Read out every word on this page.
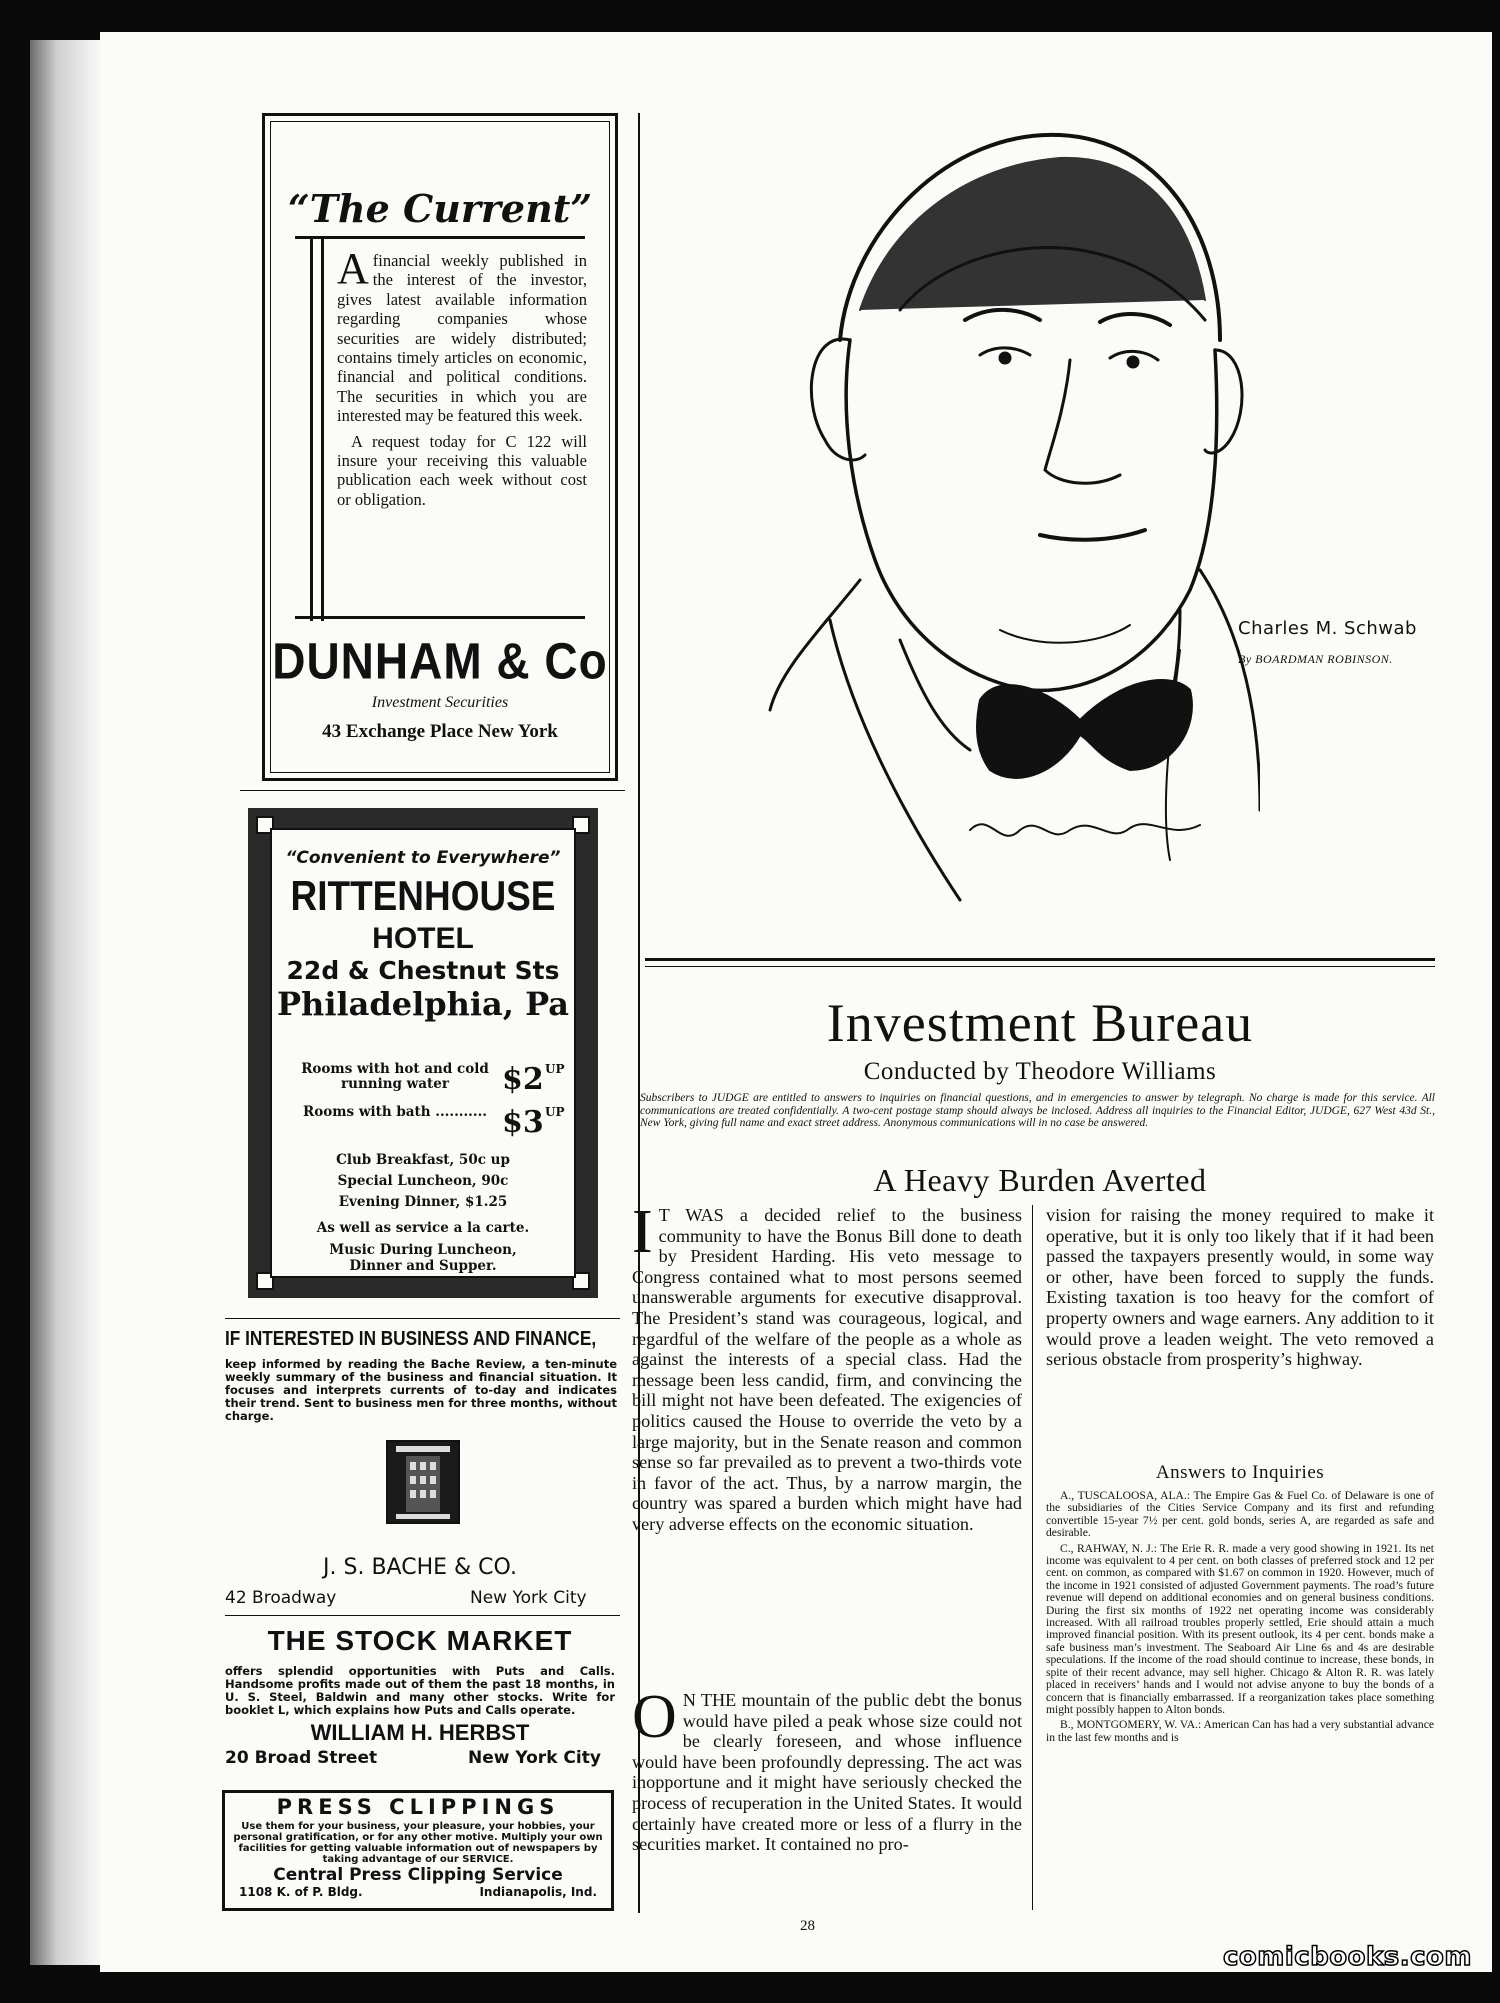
“The Current”

A financial weekly published in the interest of the investor, gives latest available information regarding companies whose securities are widely distributed; contains timely articles on economic, financial and political conditions. The securities in which you are interested may be featured this week.

A request today for C 122 will insure your receiving this valuable publication each week without cost or obligation.

DUNHAM & Co
Investment Securities
43 Exchange Place New York
“Convenient to Everywhere”
RITTENHOUSE
HOTEL
22d & Chestnut Sts
Philadelphia, Pa
Rooms with hot and cold running water	$2 UP
Rooms with bath ........... $3 UP
Club Breakfast, 50c up
Special Luncheon, 90c
Evening Dinner, $1.25
As well as service a la carte.
Music During Luncheon, Dinner and Supper.
IF INTERESTED IN BUSINESS AND FINANCE,
keep informed by reading the Bache Review, a ten-minute weekly summary of the business and financial situation. It focuses and interprets currents of to-day and indicates their trend. Sent to business men for three months, without charge.
J. S. BACHE & CO.
42 Broadway	New York City
THE STOCK MARKET
offers splendid opportunities with Puts and Calls. Handsome profits made out of them the past 18 months, in U. S. Steel, Baldwin and many other stocks. Write for booklet L, which explains how Puts and Calls operate.
WILLIAM H. HERBST
20 Broad Street	New York City
PRESS CLIPPINGS
Use them for your business, your pleasure, your hobbies, your personal gratification, or for any other motive. Multiply your own facilities for getting valuable information out of newspapers by taking advantage of our SERVICE.
Central Press Clipping Service
1108 K. of P. Bldg.	Indianapolis, Ind.
Charles M. Schwab
By BOARDMAN ROBINSON.
Investment Bureau
Conducted by Theodore Williams
Subscribers to JUDGE are entitled to answers to inquiries on financial questions, and in emergencies to answer by telegraph. No charge is made for this service. All communications are treated confidentially. A two-cent postage stamp should always be inclosed. Address all inquiries to the Financial Editor, JUDGE, 627 West 43d St., New York, giving full name and exact street address. Anonymous communications will in no case be answered.
A Heavy Burden Averted

I T WAS a decided relief to the business community to have the Bonus Bill done to death by President Harding. His veto message to Congress contained what to most persons seemed unanswerable arguments for executive disapproval. The President’s stand was courageous, logical, and regardful of the welfare of the people as a whole as against the interests of a special class. Had the message been less candid, firm, and convincing the bill might not have been defeated. The exigencies of politics caused the House to override the veto by a large majority, but in the Senate reason and common sense so far prevailed as to prevent a two-thirds vote in favor of the act. Thus, by a narrow margin, the country was spared a burden which might have had very adverse effects on the economic situation.

O N THE mountain of the public debt the bonus would have piled a peak whose size could not be clearly foreseen, and whose influence would have been profoundly depressing. The act was inopportune and it might have seriously checked the process of recuperation in the United States. It would certainly have created more or less of a flurry in the securities market. It contained no pro-

vision for raising the money required to make it operative, but it is only too likely that if it had been passed the taxpayers presently would, in some way or other, have been forced to supply the funds. Existing taxation is too heavy for the comfort of property owners and wage earners. Any addition to it would prove a leaden weight. The veto removed a serious obstacle from prosperity’s highway.

Answers to Inquiries

A., TUSCALOOSA, ALA.: The Empire Gas & Fuel Co. of Delaware is one of the subsidiaries of the Cities Service Company and its first and refunding convertible 15-year 7½ per cent. gold bonds, series A, are regarded as safe and desirable.

C., RAHWAY, N. J.: The Erie R. R. made a very good showing in 1921. Its net income was equivalent to 4 per cent. on both classes of preferred stock and 12 per cent. on common, as compared with $1.67 on common in 1920. However, much of the income in 1921 consisted of adjusted Government payments. The road’s future revenue will depend on additional economies and on general business conditions. During the first six months of 1922 net operating income was considerably increased. With all railroad troubles properly settled, Erie should attain a much improved financial position. With its present outlook, its 4 per cent. bonds make a safe business man’s investment. The Seaboard Air Line 6s and 4s are desirable speculations. If the income of the road should continue to increase, these bonds, in spite of their recent advance, may sell higher. Chicago & Alton R. R. was lately placed in receivers’ hands and I would not advise anyone to buy the bonds of a concern that is financially embarrassed. If a reorganization takes place something might possibly happen to Alton bonds.

B., MONTGOMERY, W. VA.: American Can has had a very substantial advance in the last few months and is

28
comicbooks.com
